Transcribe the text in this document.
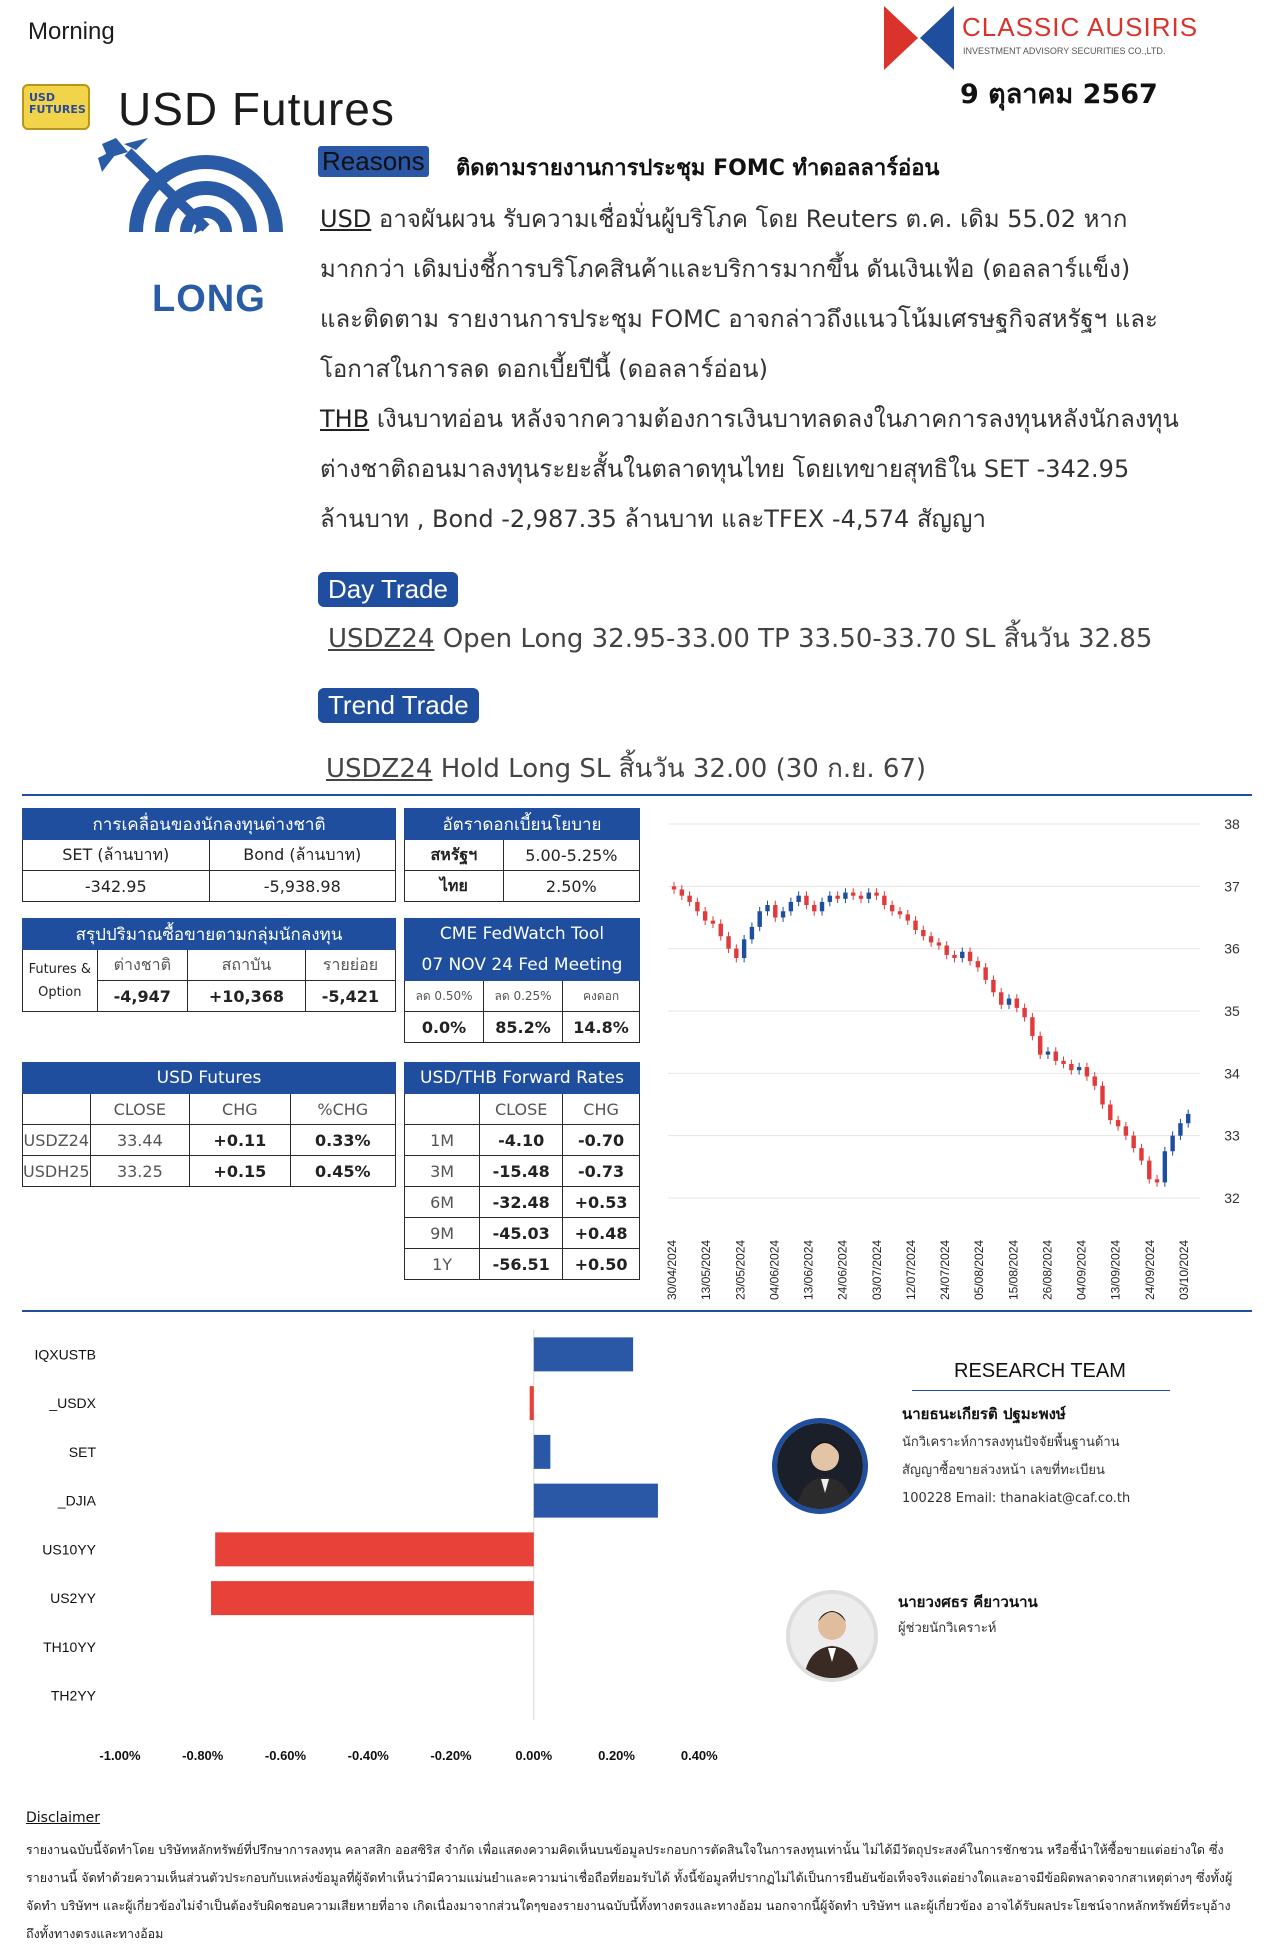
Morning
USD FUTURES USD Futures
CLASSIC AUSIRIS
INVESTMENT ADVISORY SECURITIES CO.,LTD.
9 ตุลาคม 2567
LONG
Reasons ติดตามรายงานการประชุม FOMC ทำดอลลาร์อ่อน
USD อาจผันผวน รับความเชื่อมั่นผู้บริโภค โดย Reuters ต.ค. เดิม 55.02 หากมากกว่า เดิมบ่งชี้การบริโภคสินค้าและบริการมากขึ้น ดันเงินเฟ้อ (ดอลลาร์แข็ง) และติดตาม รายงานการประชุม FOMC อาจกล่าวถึงแนวโน้มเศรษฐกิจสหรัฐฯ และโอกาสในการลด ดอกเบี้ยปีนี้ (ดอลลาร์อ่อน)
THB เงินบาทอ่อน หลังจากความต้องการเงินบาทลดลงในภาคการลงทุนหลังนักลงทุน ต่างชาติถอนมาลงทุนระยะสั้นในตลาดทุนไทย โดยเทขายสุทธิใน SET -342.95 ล้านบาท , Bond -2,987.35 ล้านบาท และTFEX -4,574 สัญญา
Day Trade
USDZ24 Open Long 32.95-33.00 TP 33.50-33.70 SL สิ้นวัน 32.85
Trend Trade
USDZ24 Hold Long SL สิ้นวัน 32.00 (30 ก.ย. 67)
การเคลื่อนของนักลงทุนต่างชาติ	
SET (ล้านบาท)	Bond (ล้านบาท)
-342.95	-5,938.98
อัตราดอกเบี้ยนโยบาย	
สหรัฐฯ	5.00-5.25%
ไทย	2.50%
สรุปปริมาณซื้อขายตามกลุ่มนักลงทุน			

Futures &
Option	ต่างชาติ	สถาบัน	รายย่อย
	-4,947	+10,368	-5,421
CME FedWatch Tool		
07 NOV 24 Fed Meeting		
ลด 0.50%	ลด 0.25%	คงดอก
0.0%	85.2%	14.8%
USD Futures			
	CLOSE	CHG	%CHG
USDZ24	33.44	+0.11	0.33%
USDH25	33.25	+0.15	0.45%
USD/THB Forward Rates		
	CLOSE	CHG
1M	-4.10	-0.70
3M	-15.48	-0.73
6M	-32.48	+0.53
9M	-45.03	+0.48
1Y	-56.51	+0.50
38
37
36
35
34
33
32
30/04/2024 13/05/2024 23/05/2024 04/06/2024 13/06/2024 24/06/2024 03/07/2024 12/07/2024 24/07/2024 05/08/2024 15/08/2024 26/08/2024 04/09/2024 13/09/2024 24/09/2024 03/10/2024
IQXUSTB
_USDX
SET
_DJIA
US10YY
US2YY
TH10YY
TH2YY
-1.00%	-0.80%	-0.60%	-0.40%	-0.20%	0.00%	0.20%	0.40%
RESEARCH TEAM
นายธนะเกียรติ ปฐมะพงษ์
นักวิเคราะห์การลงทุนปัจจัยพื้นฐานด้าน
สัญญาซื้อขายล่วงหน้า เลขที่ทะเบียน
100228 Email: thanakiat@caf.co.th
นายวงศธร คียาวนาน
ผู้ช่วยนักวิเคราะห์
Disclaimer
รายงานฉบับนี้จัดทำโดย บริษัทหลักทรัพย์ที่ปรึกษาการลงทุน คลาสสิก ออสซิริส จำกัด เพื่อแสดงความคิดเห็นบนข้อมูลประกอบการตัดสินใจในการลงทุนเท่านั้น ไม่ได้มีวัตถุประสงค์ในการชักชวน หรือชี้นำให้ซื้อขายแต่อย่างใด ซึ่งรายงานนี้ จัดทำด้วยความเห็นส่วนตัวประกอบกับแหล่งข้อมูลที่ผู้จัดทำเห็นว่ามีความแม่นยำและความน่าเชื่อถือที่ยอมรับได้ ทั้งนี้ข้อมูลที่ปรากฏไม่ได้เป็นการยืนยันข้อเท็จจริงแต่อย่างใดและอาจมีข้อผิดพลาดจากสาเหตุต่างๆ ซึ่งทั้งผู้จัดทำ บริษัทฯ และผู้เกี่ยวข้องไม่จำเป็นต้องรับผิดชอบความเสียหายที่อาจ เกิดเนื่องมาจากส่วนใดๆของรายงานฉบับนี้ทั้งทางตรงและทางอ้อม นอกจากนี้ผู้จัดทำ บริษัทฯ และผู้เกี่ยวข้อง อาจได้รับผลประโยชน์จากหลักทรัพย์ที่ระบุอ้างถึงทั้งทางตรงและทางอ้อม
